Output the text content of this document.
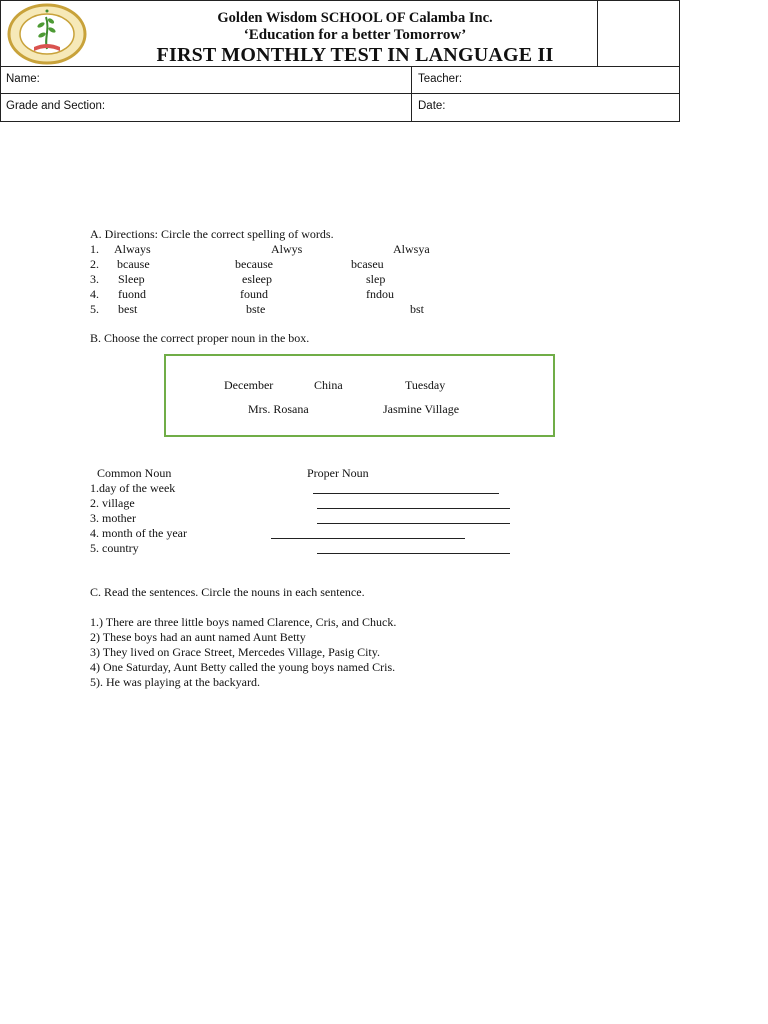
Golden Wisdom SCHOOL OF Calamba Inc.
‘Education for a better Tomorrow’
FIRST MONTHLY TEST IN LANGUAGE II
Name:	Teacher:
Grade and Section:	Date:
A. Directions: Circle the correct spelling of words.
1. Always	Alwys	Alwsya
2. bcause	because	bcaseu
3. Sleep	esleep	slep
4. fuond	found	fndou
5. best	bste	bst
B. Choose the correct proper noun in the box.
December	China	Tuesday
Mrs. Rosana	Jasmine Village
Common Noun	Proper Noun
1.day of the week
2. village
3. mother
4. month of the year
5. country
C. Read the sentences. Circle the nouns in each sentence.
1.) There are three little boys named Clarence, Cris, and Chuck.
2) These boys had an aunt named Aunt Betty
3) They lived on Grace Street, Mercedes Village, Pasig City.
4) One Saturday, Aunt Betty called the young boys named Cris.
5). He was playing at the backyard.
